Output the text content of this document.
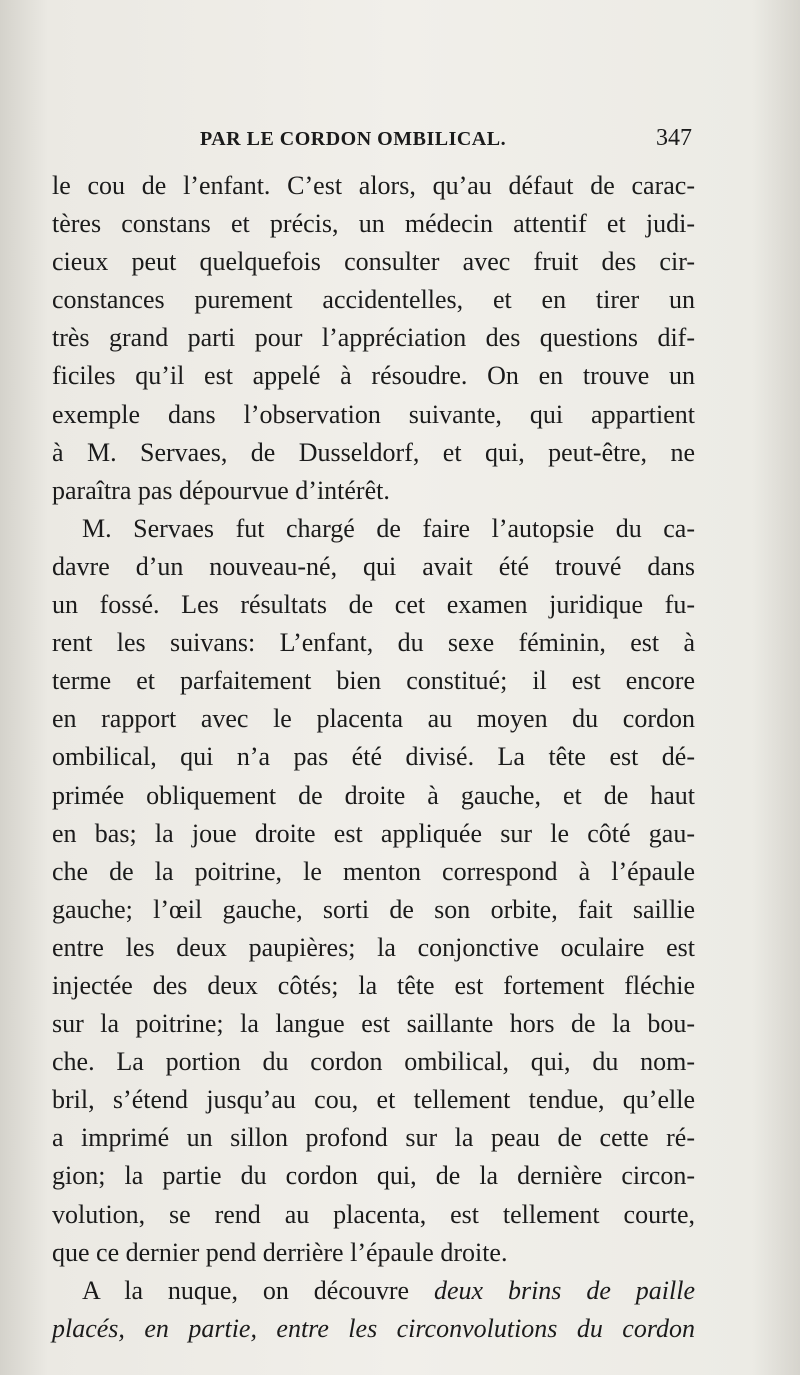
PAR LE CORDON OMBILICAL.	347
le cou de l’enfant. C’est alors, qu’au défaut de carac-
tères constans et précis, un médecin attentif et judi-
cieux peut quelquefois consulter avec fruit des cir-
constances purement accidentelles, et en tirer un
très grand parti pour l’appréciation des questions dif-
ficiles qu’il est appelé à résoudre. On en trouve un
exemple dans l’observation suivante, qui appartient
à M. Servaes, de Dusseldorf, et qui, peut-être, ne
paraîtra pas dépourvue d’intérêt.
M. Servaes fut chargé de faire l’autopsie du ca-
davre d’un nouveau-né, qui avait été trouvé dans
un fossé. Les résultats de cet examen juridique fu-
rent les suivans: L’enfant, du sexe féminin, est à
terme et parfaitement bien constitué; il est encore
en rapport avec le placenta au moyen du cordon
ombilical, qui n’a pas été divisé. La tête est dé-
primée obliquement de droite à gauche, et de haut
en bas; la joue droite est appliquée sur le côté gau-
che de la poitrine, le menton correspond à l’épaule
gauche; l’œil gauche, sorti de son orbite, fait saillie
entre les deux paupières; la conjonctive oculaire est
injectée des deux côtés; la tête est fortement fléchie
sur la poitrine; la langue est saillante hors de la bou-
che. La portion du cordon ombilical, qui, du nom-
bril, s’étend jusqu’au cou, et tellement tendue, qu’elle
a imprimé un sillon profond sur la peau de cette ré-
gion; la partie du cordon qui, de la dernière circon-
volution, se rend au placenta, est tellement courte,
que ce dernier pend derrière l’épaule droite.
A la nuque, on découvre deux brins de paille
placés, en partie, entre les circonvolutions du cordon
